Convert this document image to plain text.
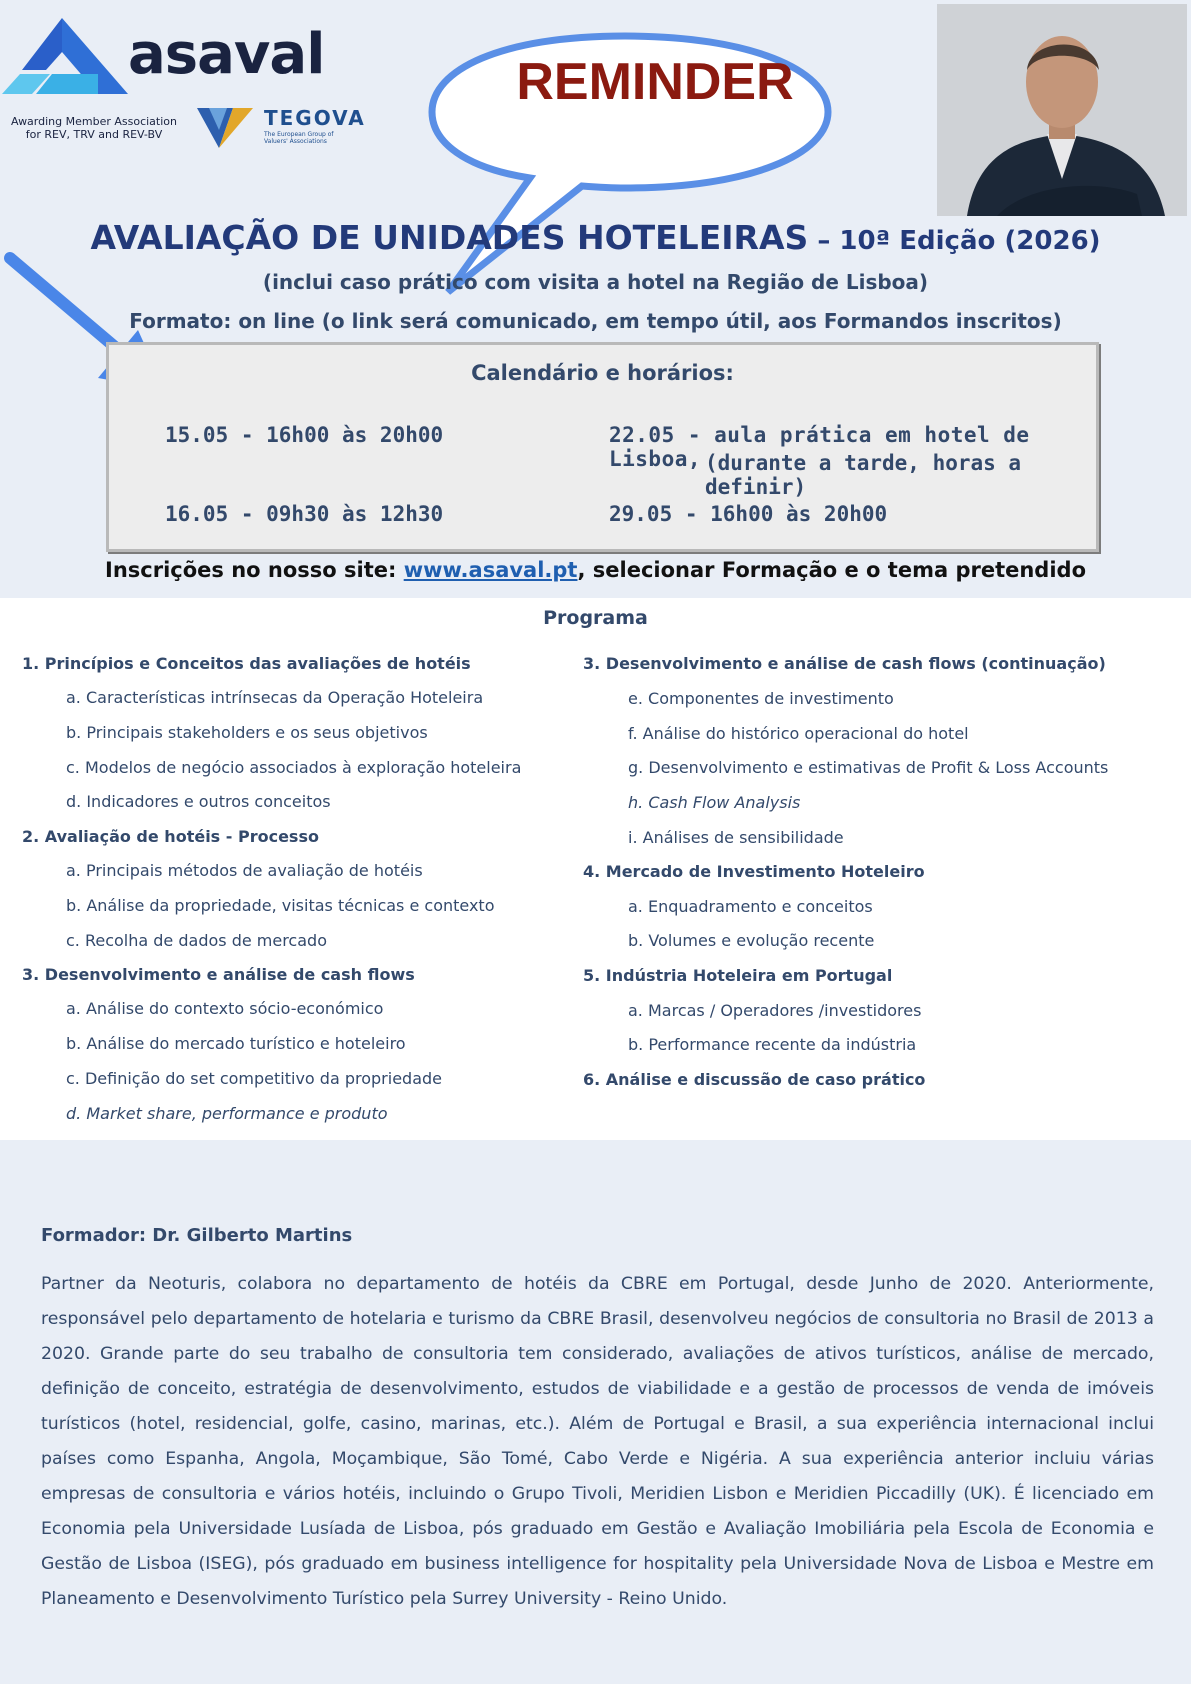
asaval
Awarding Member Association
for REV, TRV and REV-BV
TEGOVA
The European Group of Valuers' Associations
REMINDER
AVALIAÇÃO DE UNIDADES HOTELEIRAS – 10ª Edição (2026)
(inclui caso prático com visita a hotel na Região de Lisboa)
Formato: on line (o link será comunicado, em tempo útil, aos Formandos inscritos)
Calendário e horários:
15.05 - 16h00 às 20h00	22.05 - aula prática em hotel de Lisboa, (durante a tarde, horas a definir)
16.05 - 09h30 às 12h30	29.05 - 16h00 às 20h00
Inscrições no nosso site: www.asaval.pt, selecionar Formação e o tema pretendido
Programa
1. Princípios e Conceitos das avaliações de hotéis
a. Características intrínsecas da Operação Hoteleira
b. Principais stakeholders e os seus objetivos
c. Modelos de negócio associados à exploração hoteleira
d. Indicadores e outros conceitos
2. Avaliação de hotéis - Processo
a. Principais métodos de avaliação de hotéis
b. Análise da propriedade, visitas técnicas e contexto
c. Recolha de dados de mercado
3. Desenvolvimento e análise de cash flows
a. Análise do contexto sócio-económico
b. Análise do mercado turístico e hoteleiro
c. Definição do set competitivo da propriedade
d. Market share, performance e produto
3. Desenvolvimento e análise de cash flows (continuação)
e. Componentes de investimento
f. Análise do histórico operacional do hotel
g. Desenvolvimento e estimativas de Profit & Loss Accounts
h. Cash Flow Analysis
i. Análises de sensibilidade
4. Mercado de Investimento Hoteleiro
a. Enquadramento e conceitos
b. Volumes e evolução recente
5. Indústria Hoteleira em Portugal
a. Marcas / Operadores /investidores
b. Performance recente da indústria
6. Análise e discussão de caso prático
Formador: Dr. Gilberto Martins
Partner da Neoturis, colabora no departamento de hotéis da CBRE em Portugal, desde Junho de 2020. Anteriormente, responsável pelo departamento de hotelaria e turismo da CBRE Brasil, desenvolveu negócios de consultoria no Brasil de 2013 a 2020. Grande parte do seu trabalho de consultoria tem considerado, avaliações de ativos turísticos, análise de mercado, definição de conceito, estratégia de desenvolvimento, estudos de viabilidade e a gestão de processos de venda de imóveis turísticos (hotel, residencial, golfe, casino, marinas, etc.). Além de Portugal e Brasil, a sua experiência internacional inclui países como Espanha, Angola, Moçambique, São Tomé, Cabo Verde e Nigéria. A sua experiência anterior incluiu várias empresas de consultoria e vários hotéis, incluindo o Grupo Tivoli, Meridien Lisbon e Meridien Piccadilly (UK). É licenciado em Economia pela Universidade Lusíada de Lisboa, pós graduado em Gestão e Avaliação Imobiliária pela Escola de Economia e Gestão de Lisboa (ISEG), pós graduado em business intelligence for hospitality pela Universidade Nova de Lisboa e Mestre em Planeamento e Desenvolvimento Turístico pela Surrey University - Reino Unido.
